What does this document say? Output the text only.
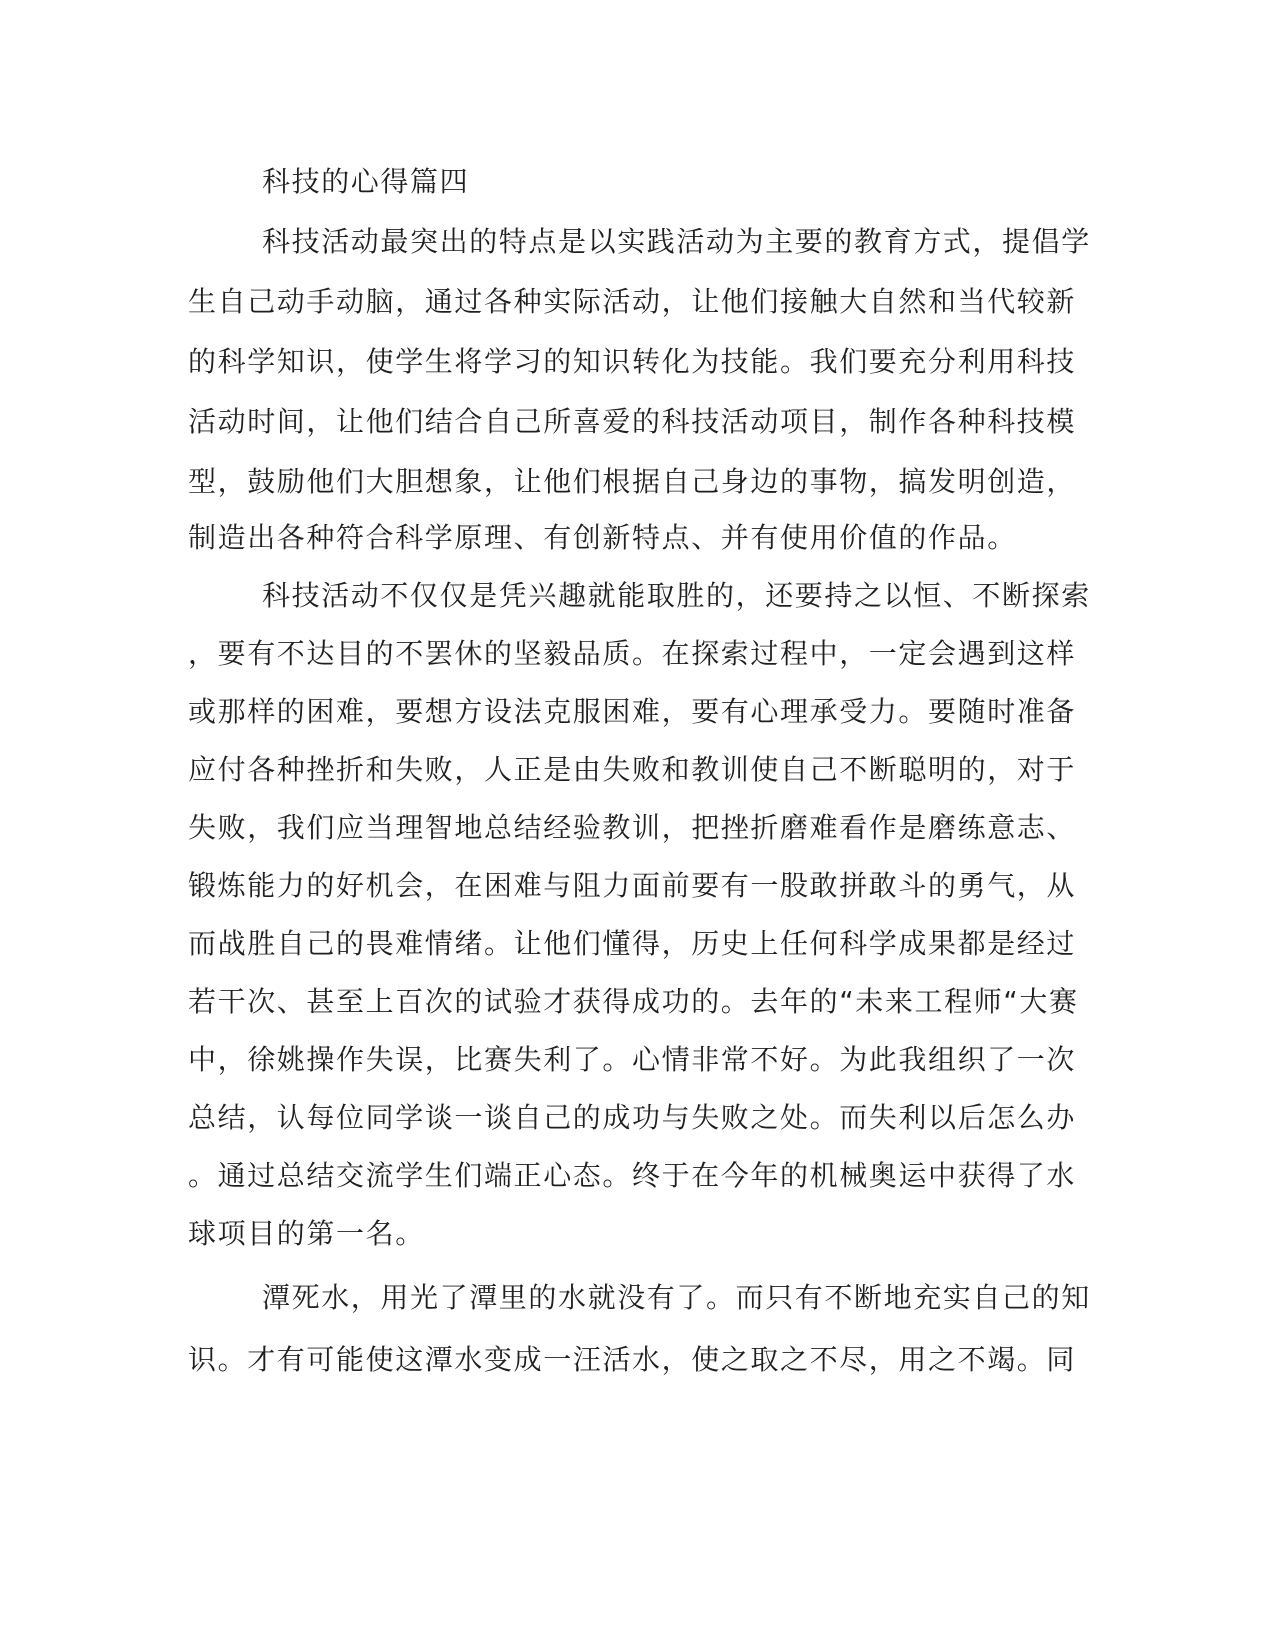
科技的心得篇四
科技活动最突出的特点是以实践活动为主要的教育方式，提倡学
生自己动手动脑，通过各种实际活动，让他们接触大自然和当代较新
的科学知识，使学生将学习的知识转化为技能。我们要充分利用科技
活动时间，让他们结合自己所喜爱的科技活动项目，制作各种科技模
型，鼓励他们大胆想象，让他们根据自己身边的事物，搞发明创造，
制造出各种符合科学原理、有创新特点、并有使用价值的作品。
科技活动不仅仅是凭兴趣就能取胜的，还要持之以恒、不断探索
，要有不达目的不罢休的坚毅品质。在探索过程中，一定会遇到这样
或那样的困难，要想方设法克服困难，要有心理承受力。要随时准备
应付各种挫折和失败，人正是由失败和教训使自己不断聪明的，对于
失败，我们应当理智地总结经验教训，把挫折磨难看作是磨练意志、
锻炼能力的好机会，在困难与阻力面前要有一股敢拼敢斗的勇气，从
而战胜自己的畏难情绪。让他们懂得，历史上任何科学成果都是经过
若干次、甚至上百次的试验才获得成功的。去年的“未来工程师“大赛
中，徐姚操作失误，比赛失利了。心情非常不好。为此我组织了一次
总结，认每位同学谈一谈自己的成功与失败之处。而失利以后怎么办
。通过总结交流学生们端正心态。终于在今年的机械奥运中获得了水
球项目的第一名。
潭死水，用光了潭里的水就没有了。而只有不断地充实自己的知
识。才有可能使这潭水变成一汪活水，使之取之不尽，用之不竭。同
